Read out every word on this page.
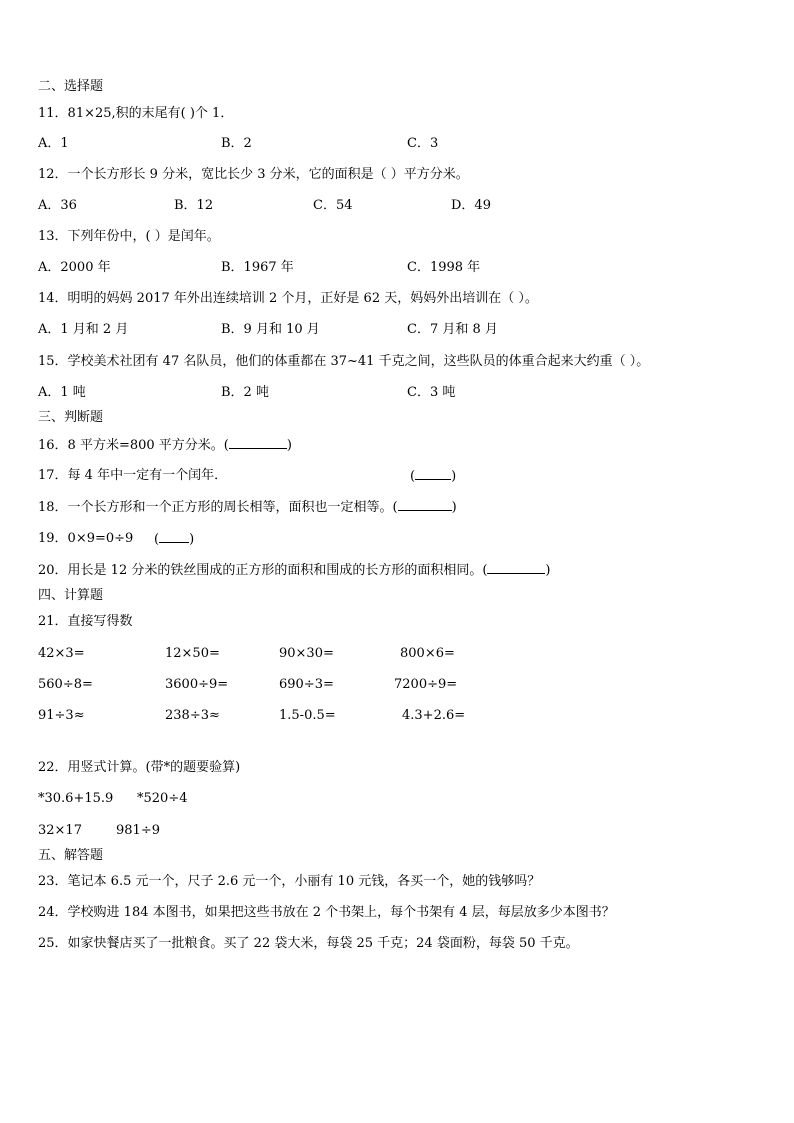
二、选择题
11．81×25,积的末尾有( )个 1．
A．1	B．2	C．3
12．一个长方形长 9 分米，宽比长少 3 分米，它的面积是（ ）平方分米。
A．36	B．12	C．54	D．49
13．下列年份中，( ）是闰年。
A．2000 年	B．1967 年	C．1998 年
14．明明的妈妈 2017 年外出连续培训 2 个月，正好是 62 天，妈妈外出培训在（ ）。
A．1 月和 2 月	B．9 月和 10 月	C．7 月和 8 月
15．学校美术社团有 47 名队员，他们的体重都在 37~41 千克之间，这些队员的体重合起来大约重（ ）。
A．1 吨	B．2 吨	C．3 吨
三、判断题
16．8 平方米=800 平方分米。(	)
17．每 4 年中一定有一个闰年．	(	)
18．一个长方形和一个正方形的周长相等，面积也一定相等。(	)
19．0×9=0÷9 ( )
20．用长是 12 分米的铁丝围成的正方形的面积和围成的长方形的面积相同。(	)
四、计算题
21．直接写得数
42×3=	12×50=	90×30=	800×6=
560÷8=	3600÷9=	690÷3=	7200÷9=
91÷3≈	238÷3≈	1.5-0.5=	4.3+2.6=
22．用竖式计算。(带*的题要验算)
*30.6+15.9 *520÷4
32×17	981÷9
五、解答题
23．笔记本 6.5 元一个，尺子 2.6 元一个，小丽有 10 元钱，各买一个，她的钱够吗？
24．学校购进 184 本图书，如果把这些书放在 2 个书架上，每个书架有 4 层，每层放多少本图书？
25．如家快餐店买了一批粮食。买了 22 袋大米，每袋 25 千克；24 袋面粉，每袋 50 千克。
